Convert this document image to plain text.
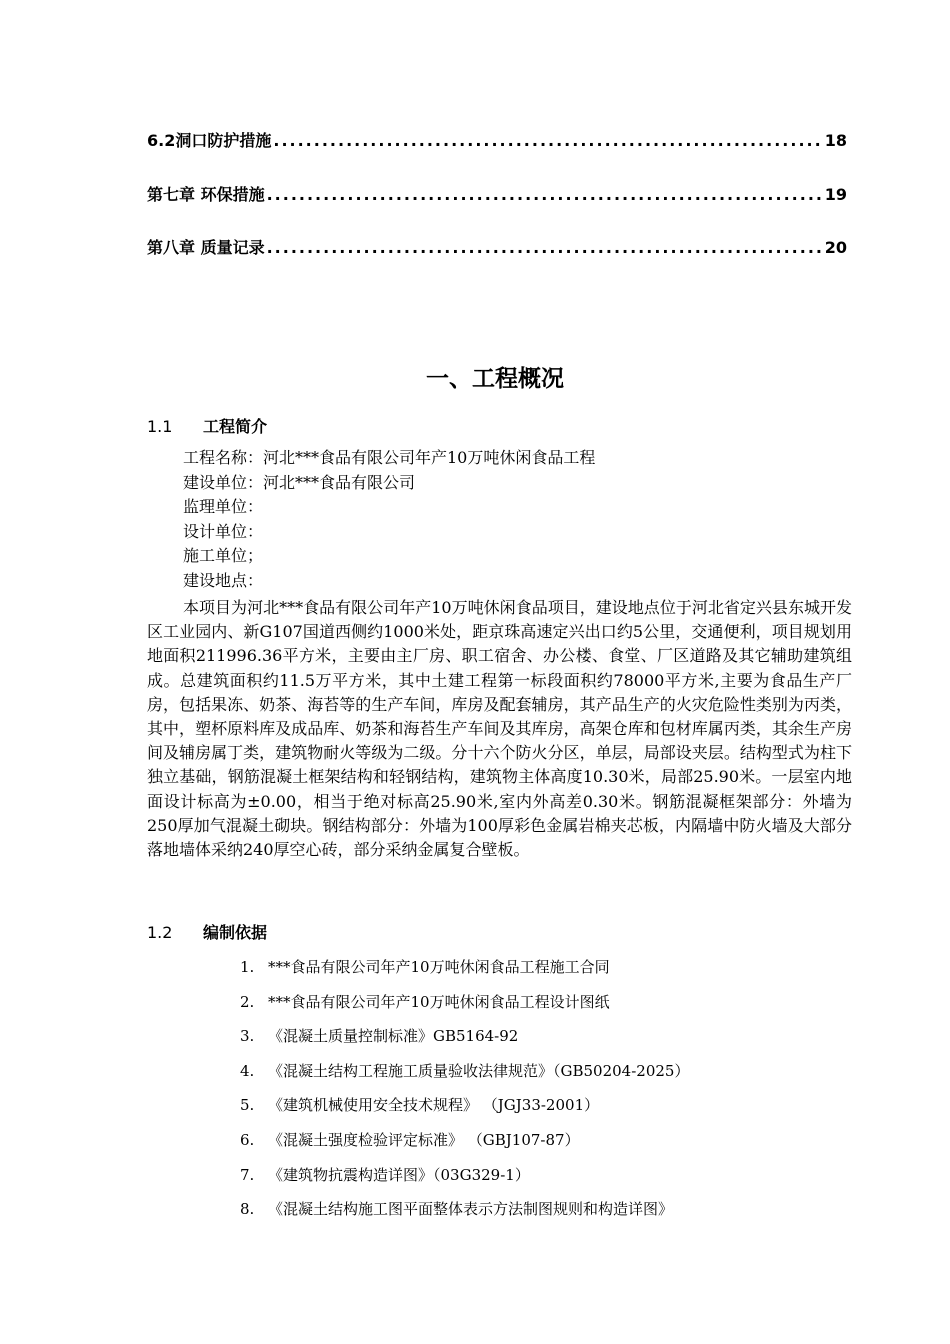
6.2洞口防护措施 .....	18
第七章 环保措施 .....	19
第八章 质量记录 .....	20
一、工程概况
1.1 工程简介
工程名称：河北***食品有限公司年产10万吨休闲食品工程
建设单位：河北***食品有限公司
监理单位：
设计单位：
施工单位；
建设地点：
本项目为河北***食品有限公司年产10万吨休闲食品项目，建设地点位于河北省定兴县东城开发区工业园内、新G107国道西侧约1000米处，距京珠高速定兴出口约5公里，交通便利，项目规划用地面积211996.36平方米，主要由主厂房、职工宿舍、办公楼、食堂、厂区道路及其它辅助建筑组成。总建筑面积约11.5万平方米，其中土建工程第一标段面积约78000平方米,主要为食品生产厂房，包括果冻、奶茶、海苔等的生产车间，库房及配套辅房，其产品生产的火灾危险性类别为丙类，其中，塑杯原料库及成品库、奶茶和海苔生产车间及其库房，高架仓库和包材库属丙类，其余生产房间及辅房属丁类，建筑物耐火等级为二级。分十六个防火分区，单层，局部设夹层。结构型式为柱下独立基础，钢筋混凝土框架结构和轻钢结构，建筑物主体高度10.30米，局部25.90米。一层室内地面设计标高为±0.00，相当于绝对标高25.90米,室内外高差0.30米。钢筋混凝框架部分：外墙为250厚加气混凝土砌块。钢结构部分：外墙为100厚彩色金属岩棉夹芯板，内隔墙中防火墙及大部分落地墙体采纳240厚空心砖，部分采纳金属复合壁板。
1.2 编制依据
1. ***食品有限公司年产10万吨休闲食品工程施工合同
2. ***食品有限公司年产10万吨休闲食品工程设计图纸
3. 《混凝土质量控制标准》GB5164-92
4. 《混凝土结构工程施工质量验收法律规范》（GB50204-2025）
5. 《建筑机械使用安全技术规程》 （JGJ33-2001）
6. 《混凝土强度检验评定标准》 （GBJ107-87）
7. 《建筑物抗震构造详图》（03G329-1）
8. 《混凝土结构施工图平面整体表示方法制图规则和构造详图》
